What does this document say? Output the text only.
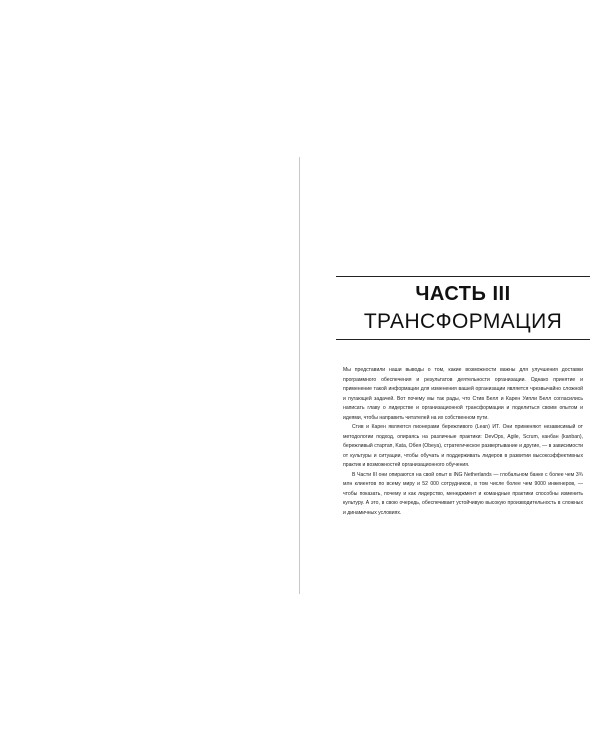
ЧАСТЬ III
ТРАНСФОРМАЦИЯ

Мы представили наши выводы о том, какие возможности важны для улучшения доставки программного обеспечения и результатов деятельности организации. Однако принятие и применение такой информации для изменения вашей организации является чрезвычайно сложной и пугающей задачей. Вот почему мы так рады, что Стив Белл и Карен Уипли Белл согласились написать главу о лидерстве и организационной трансформации и поделиться своим опытом и идеями, чтобы направить читателей на их собственном пути.

Стив и Карен являются пионерами бережливого (Lean) ИТ. Они применяют независимый от методологии подход, опираясь на различные практики: DevOps, Agile, Scrum, канбан (kanban), бережливый стартап, Kata, Обея (Obeya), стратегическое развертывание и другие, — в зависимости от культуры и ситуации, чтобы обучать и поддерживать лидеров в развитии высокоэффективных практик и возможностей организационного обучения.

В Части III они опираются на свой опыт в ING Netherlands — глобальном банке с более чем 3¾ млн клиентов по всему миру и 52 000 сотрудников, в том числе более чем 9000 инженеров, — чтобы показать, почему и как лидерство, менеджмент и командные практики способны изменить культуру. А это, в свою очередь, обеспечивает устойчивую высокую производительность в сложных и динамичных условиях.
